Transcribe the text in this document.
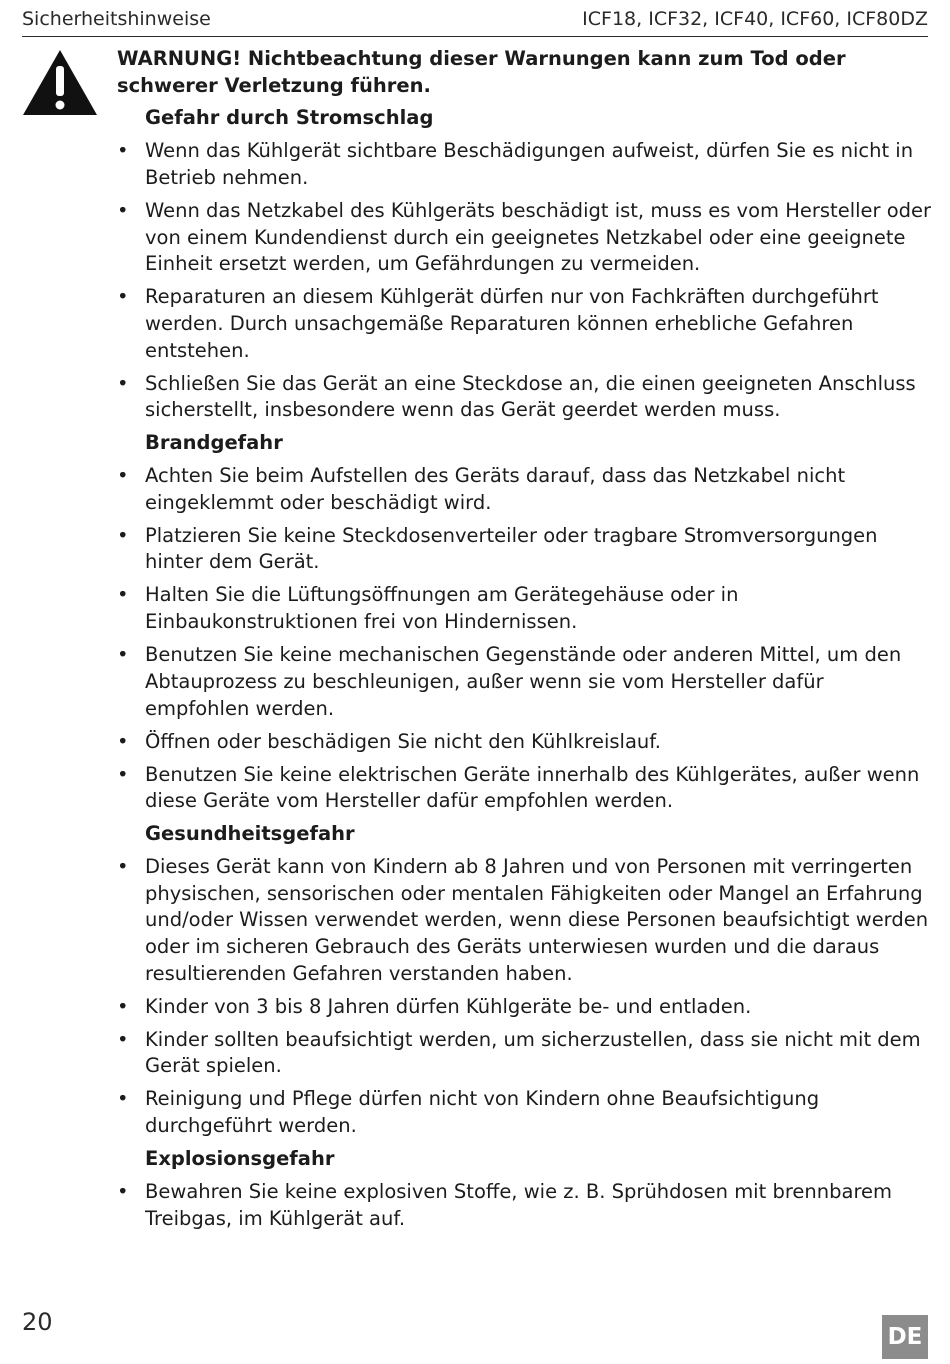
Sicherheitshinweise	ICF18, ICF32, ICF40, ICF60, ICF80DZ
WARNUNG! Nichtbeachtung dieser Warnungen kann zum Tod oder schwerer Verletzung führen.
Gefahr durch Stromschlag
• Wenn das Kühlgerät sichtbare Beschädigungen aufweist, dürfen Sie es nicht in Betrieb nehmen.
• Wenn das Netzkabel des Kühlgeräts beschädigt ist, muss es vom Hersteller oder von einem Kundendienst durch ein geeignetes Netzkabel oder eine geeignete Einheit ersetzt werden, um Gefährdungen zu vermeiden.
• Reparaturen an diesem Kühlgerät dürfen nur von Fachkräften durchgeführt werden. Durch unsachgemäße Reparaturen können erhebliche Gefahren entstehen.
• Schließen Sie das Gerät an eine Steckdose an, die einen geeigneten Anschluss sicherstellt, insbesondere wenn das Gerät geerdet werden muss.
Brandgefahr
• Achten Sie beim Aufstellen des Geräts darauf, dass das Netzkabel nicht eingeklemmt oder beschädigt wird.
• Platzieren Sie keine Steckdosenverteiler oder tragbare Stromversorgungen hinter dem Gerät.
• Halten Sie die Lüftungsöffnungen am Gerätegehäuse oder in Einbaukonstruktionen frei von Hindernissen.
• Benutzen Sie keine mechanischen Gegenstände oder anderen Mittel, um den Abtauprozess zu beschleunigen, außer wenn sie vom Hersteller dafür empfohlen werden.
• Öffnen oder beschädigen Sie nicht den Kühlkreislauf.
• Benutzen Sie keine elektrischen Geräte innerhalb des Kühlgerätes, außer wenn diese Geräte vom Hersteller dafür empfohlen werden.
Gesundheitsgefahr
• Dieses Gerät kann von Kindern ab 8 Jahren und von Personen mit verringerten physischen, sensorischen oder mentalen Fähigkeiten oder Mangel an Erfahrung und/oder Wissen verwendet werden, wenn diese Personen beaufsichtigt werden oder im sicheren Gebrauch des Geräts unterwiesen wurden und die daraus resultierenden Gefahren verstanden haben.
• Kinder von 3 bis 8 Jahren dürfen Kühlgeräte be- und entladen.
• Kinder sollten beaufsichtigt werden, um sicherzustellen, dass sie nicht mit dem Gerät spielen.
• Reinigung und Pflege dürfen nicht von Kindern ohne Beaufsichtigung durchgeführt werden.
Explosionsgefahr
• Bewahren Sie keine explosiven Stoffe, wie z. B. Sprühdosen mit brennbarem Treibgas, im Kühlgerät auf.
20
DE
